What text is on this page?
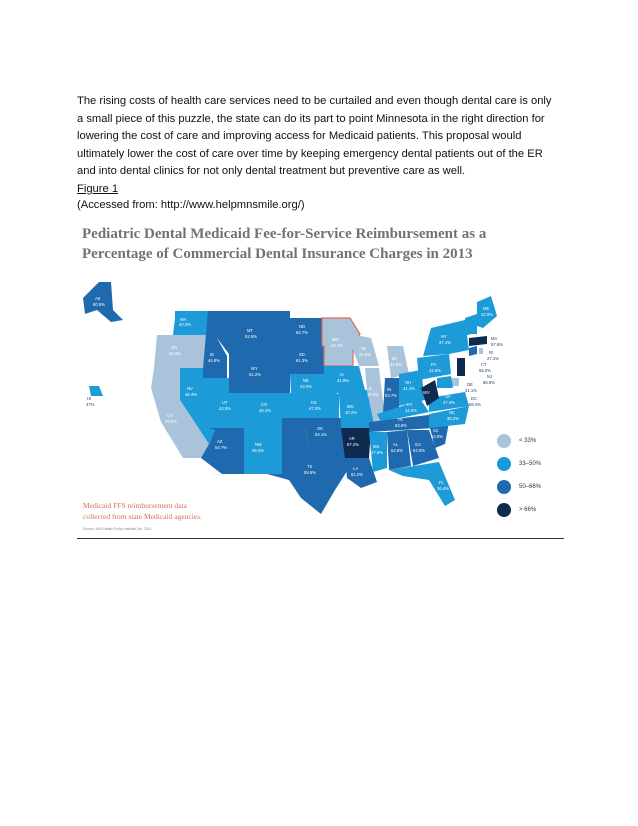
The rising costs of health care services need to be curtailed and even though dental care is only
a small piece of this puzzle, the state can do its part to point Minnesota in the right direction for
lowering the cost of care and improving access for Medicaid patients. This proposal would
ultimately lower the cost of care over time by keeping emergency dental patients out of the ER
and into dental clinics for not only dental treatment but preventive care as well.
Figure 1
(Accessed from: http://www.helpmnsmile.org/)
Pediatric Dental Medicaid Fee-for-Service Reimbursement as a
Percentage of Commercial Dental Insurance Charges in 2013
AK
60.5%
HI
47%
WA
40.2%
OR
32.6%
CA
29.0%
ID
44.8%
NV
48.4%
MT
52.9%
WY
61.2%
UT
42.5%
CO
45.1%
AZ
54.7%
NM
49.3%
ND
63.7%
SD
61.3%
NE
43.0%
KS
47.2%
OK
54.1%
TX
59.5%
MN
26.7%
IA
41.8%
MO
40.2%
AR
67.2%
LA
61.2%
WI
31.5%
IL
32.5%
MI
32.5%
IN
53.7%
OH
41.1%
KY
44.0%
TN
53.9%
MS
47.6%
AL
52.6%
GA
54.0%
FL
36.4%
SC
52.5%
NC
38.2%
VA
47.4%
WV
PA
42.8%
NY
37.1%
ME
42.9%
MA
57.6%
RI
27.1%
CT
55.0%
NJ
66.9%
DE
31.1%
DC
58.4%
< 33%
33–50%
50–66%
> 66%
Medicaid FFS reimbursement data
collected from state Medicaid agencies.
Source: ADA Health Policy Institute Oct. 2014
